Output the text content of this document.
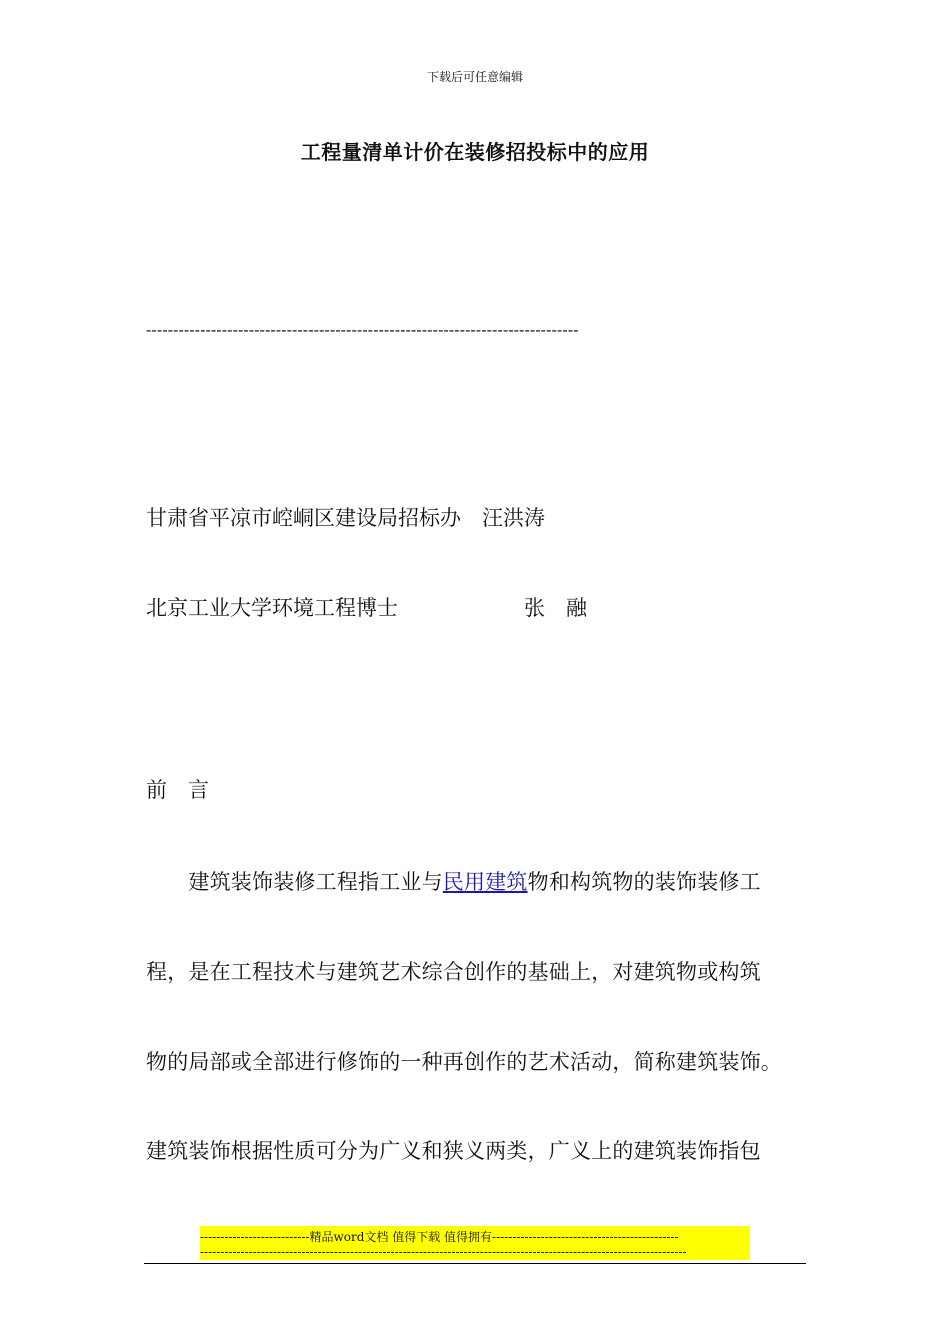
下载后可任意编辑
工程量清单计价在装修招投标中的应用
--------------------------------------------------------------------------------
甘肃省平凉市崆峒区建设局招标办　汪洪涛
北京工业大学环境工程博士　　　　　　张　融
前　言
　　建筑装饰装修工程指工业与民用建筑物和构筑物的装饰装修工
程，是在工程技术与建筑艺术综合创作的基础上，对建筑物或构筑
物的局部或全部进行修饰的一种再创作的艺术活动，简称建筑装饰。
建筑装饰根据性质可分为广义和狭义两类，广义上的建筑装饰指包
---------------------------精品word文档 值得下载 值得拥有----------------------------------------------
------------------------------------------------------------------------------------------------------------------------
